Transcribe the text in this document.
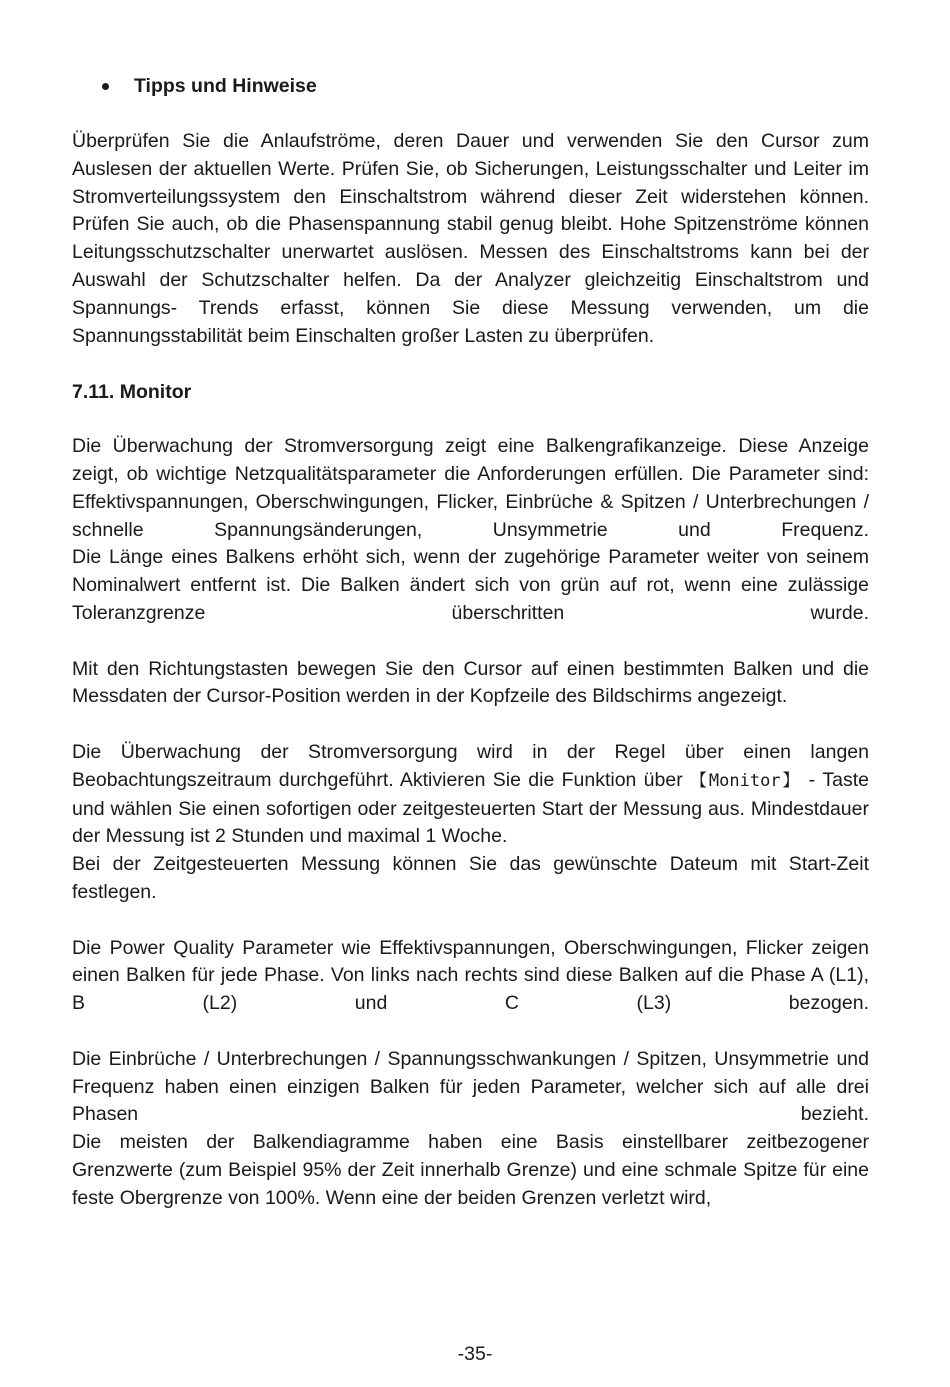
Tipps und Hinweise

Überprüfen Sie die Anlaufströme, deren Dauer und verwenden Sie den Cursor zum Auslesen der aktuellen Werte. Prüfen Sie, ob Sicherungen, Leistungsschalter und Leiter im Stromverteilungssystem den Einschaltstrom während dieser Zeit widerstehen können. Prüfen Sie auch, ob die Phasenspannung stabil genug bleibt. Hohe Spitzenströme können Leitungsschutzschalter unerwartet auslösen. Messen des Einschaltstroms kann bei der Auswahl der Schutzschalter helfen. Da der Analyzer gleichzeitig Einschaltstrom und Spannungs- Trends erfasst, können Sie diese Messung verwenden, um die Spannungsstabilität beim Einschalten großer Lasten zu überprüfen.

7.11. Monitor

Die Überwachung der Stromversorgung zeigt eine Balkengrafikanzeige. Diese Anzeige zeigt, ob wichtige Netzqualitätsparameter die Anforderungen erfüllen. Die Parameter sind: Effektivspannungen, Oberschwingungen, Flicker, Einbrüche & Spitzen / Unterbrechungen / schnelle Spannungsänderungen, Unsymmetrie und Frequenz.

Die Länge eines Balkens erhöht sich, wenn der zugehörige Parameter weiter von seinem Nominalwert entfernt ist. Die Balken ändert sich von grün auf rot, wenn eine zulässige Toleranzgrenze überschritten wurde.

Mit den Richtungstasten bewegen Sie den Cursor auf einen bestimmten Balken und die Messdaten der Cursor-Position werden in der Kopfzeile des Bildschirms angezeigt.

Die Überwachung der Stromversorgung wird in der Regel über einen langen Beobachtungszeitraum durchgeführt. Aktivieren Sie die Funktion über 【Monitor】 - Taste und wählen Sie einen sofortigen oder zeitgesteuerten Start der Messung aus. Mindestdauer der Messung ist 2 Stunden und maximal 1 Woche.

Bei der Zeitgesteuerten Messung können Sie das gewünschte Dateum mit Start-Zeit festlegen.

Die Power Quality Parameter wie Effektivspannungen, Oberschwingungen, Flicker zeigen einen Balken für jede Phase. Von links nach rechts sind diese Balken auf die Phase A (L1), B (L2) und C (L3) bezogen.

Die Einbrüche / Unterbrechungen / Spannungsschwankungen / Spitzen, Unsymmetrie und Frequenz haben einen einzigen Balken für jeden Parameter, welcher sich auf alle drei Phasen bezieht.

Die meisten der Balkendiagramme haben eine Basis einstellbarer zeitbezogener Grenzwerte (zum Beispiel 95% der Zeit innerhalb Grenze) und eine schmale Spitze für eine feste Obergrenze von 100%. Wenn eine der beiden Grenzen verletzt wird,

-35-
